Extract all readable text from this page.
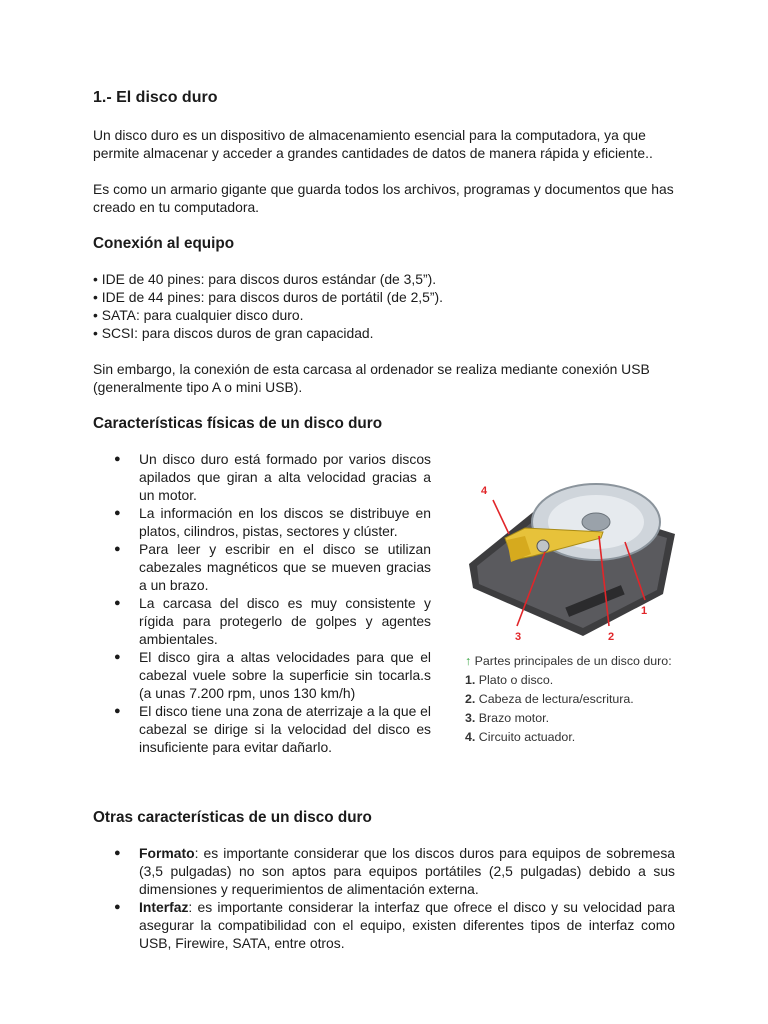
1.- El disco duro

Un disco duro es un dispositivo de almacenamiento esencial para la computadora, ya que permite almacenar y acceder a grandes cantidades de datos de manera rápida y eficiente..

Es como un armario gigante que guarda todos los archivos, programas y documentos que has creado en tu computadora.

Conexión al equipo
• IDE de 40 pines: para discos duros estándar (de 3,5”).
• IDE de 44 pines: para discos duros de portátil (de 2,5”).
• SATA: para cualquier disco duro.
• SCSI: para discos duros de gran capacidad.

Sin embargo, la conexión de esta carcasa al ordenador se realiza mediante conexión USB (generalmente tipo A o mini USB).

Características físicas de un disco duro
● Un disco duro está formado por varios discos apilados que giran a alta velocidad gracias a un motor.
● La información en los discos se distribuye en platos, cilindros, pistas, sectores y clúster.
● Para leer y escribir en el disco se utilizan cabezales magnéticos que se mueven gracias a un brazo.
● La carcasa del disco es muy consistente y rígida para protegerlo de golpes y agentes ambientales.
● El disco gira a altas velocidades para que el cabezal vuele sobre la superficie sin tocarla.s (a unas 7.200 rpm, unos 130 km/h)
● El disco tiene una zona de aterrizaje a la que el cabezal se dirige si la velocidad del disco es insuficiente para evitar dañarlo.
4
1
3	2
↑ Partes principales de un disco duro:
1. Plato o disco.
2. Cabeza de lectura/escritura.
3. Brazo motor.
4. Circuito actuador.
Otras características de un disco duro
● Formato: es importante considerar que los discos duros para equipos de sobremesa (3,5 pulgadas) no son aptos para equipos portátiles (2,5 pulgadas) debido a sus dimensiones y requerimientos de alimentación externa.
● Interfaz: es importante considerar la interfaz que ofrece el disco y su velocidad para asegurar la compatibilidad con el equipo, existen diferentes tipos de interfaz como USB, Firewire, SATA, entre otros.
